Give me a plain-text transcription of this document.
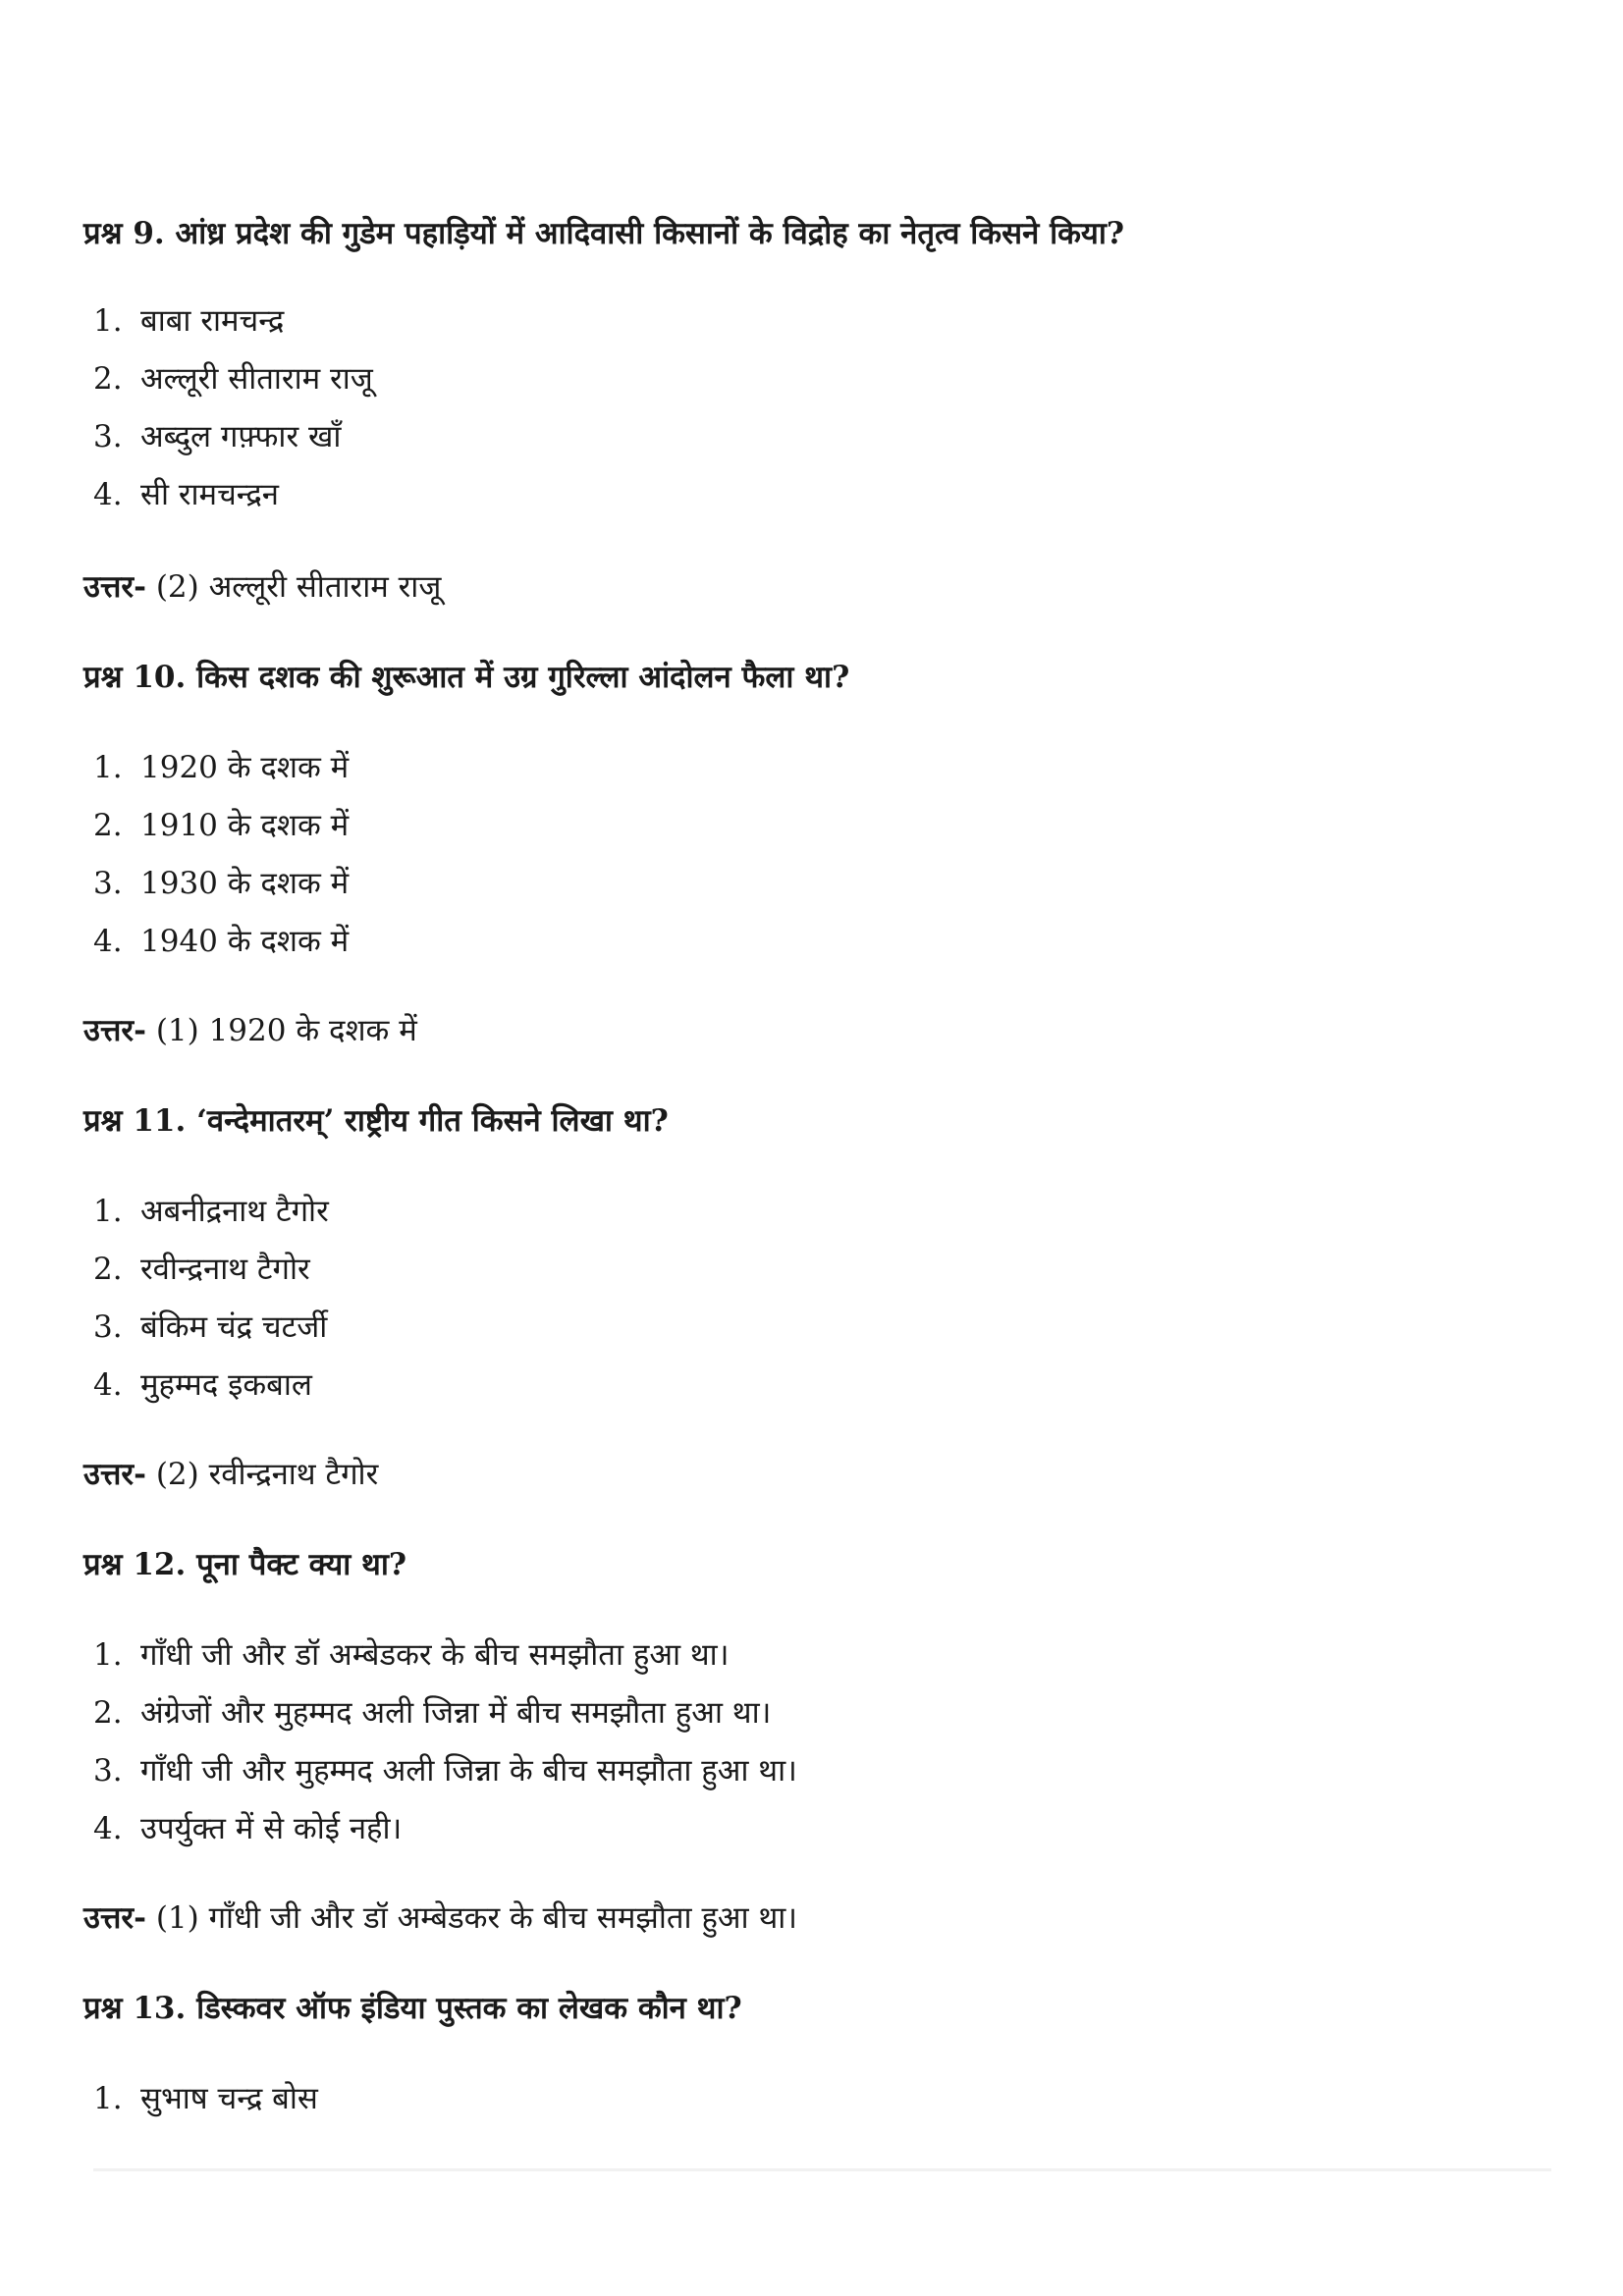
प्रश्न 9. आंध्र प्रदेश की गुडेम पहाड़ियों में आदिवासी किसानों के विद्रोह का नेतृत्व किसने किया?
1. बाबा रामचन्द्र
2. अल्लूरी सीताराम राजू
3. अब्दुल गफ़्फार खाँ
4. सी रामचन्द्रन
उत्तर- (2) अल्लूरी सीताराम राजू
प्रश्न 10. किस दशक की शुरूआत में उग्र गुरिल्ला आंदोलन फैला था?
1. 1920 के दशक में
2. 1910 के दशक में
3. 1930 के दशक में
4. 1940 के दशक में
उत्तर- (1) 1920 के दशक में
प्रश्न 11. ‘वन्देमातरम्’ राष्ट्रीय गीत किसने लिखा था?
1. अबनीद्रनाथ टैगोर
2. रवीन्द्रनाथ टैगोर
3. बंकिम चंद्र चटर्जी
4. मुहम्मद इकबाल
उत्तर- (2) रवीन्द्रनाथ टैगोर
प्रश्न 12. पूना पैक्ट क्या था?
1. गाँधी जी और डॉ अम्बेडकर के बीच समझौता हुआ था।
2. अंग्रेजों और मुहम्मद अली जिन्ना में बीच समझौता हुआ था।
3. गाँधी जी और मुहम्मद अली जिन्ना के बीच समझौता हुआ था।
4. उपर्युक्त में से कोई नही।
उत्तर- (1) गाँधी जी और डॉ अम्बेडकर के बीच समझौता हुआ था।
प्रश्न 13. डिस्कवर ऑफ इंडिया पुस्तक का लेखक कौन था?
1. सुभाष चन्द्र बोस
